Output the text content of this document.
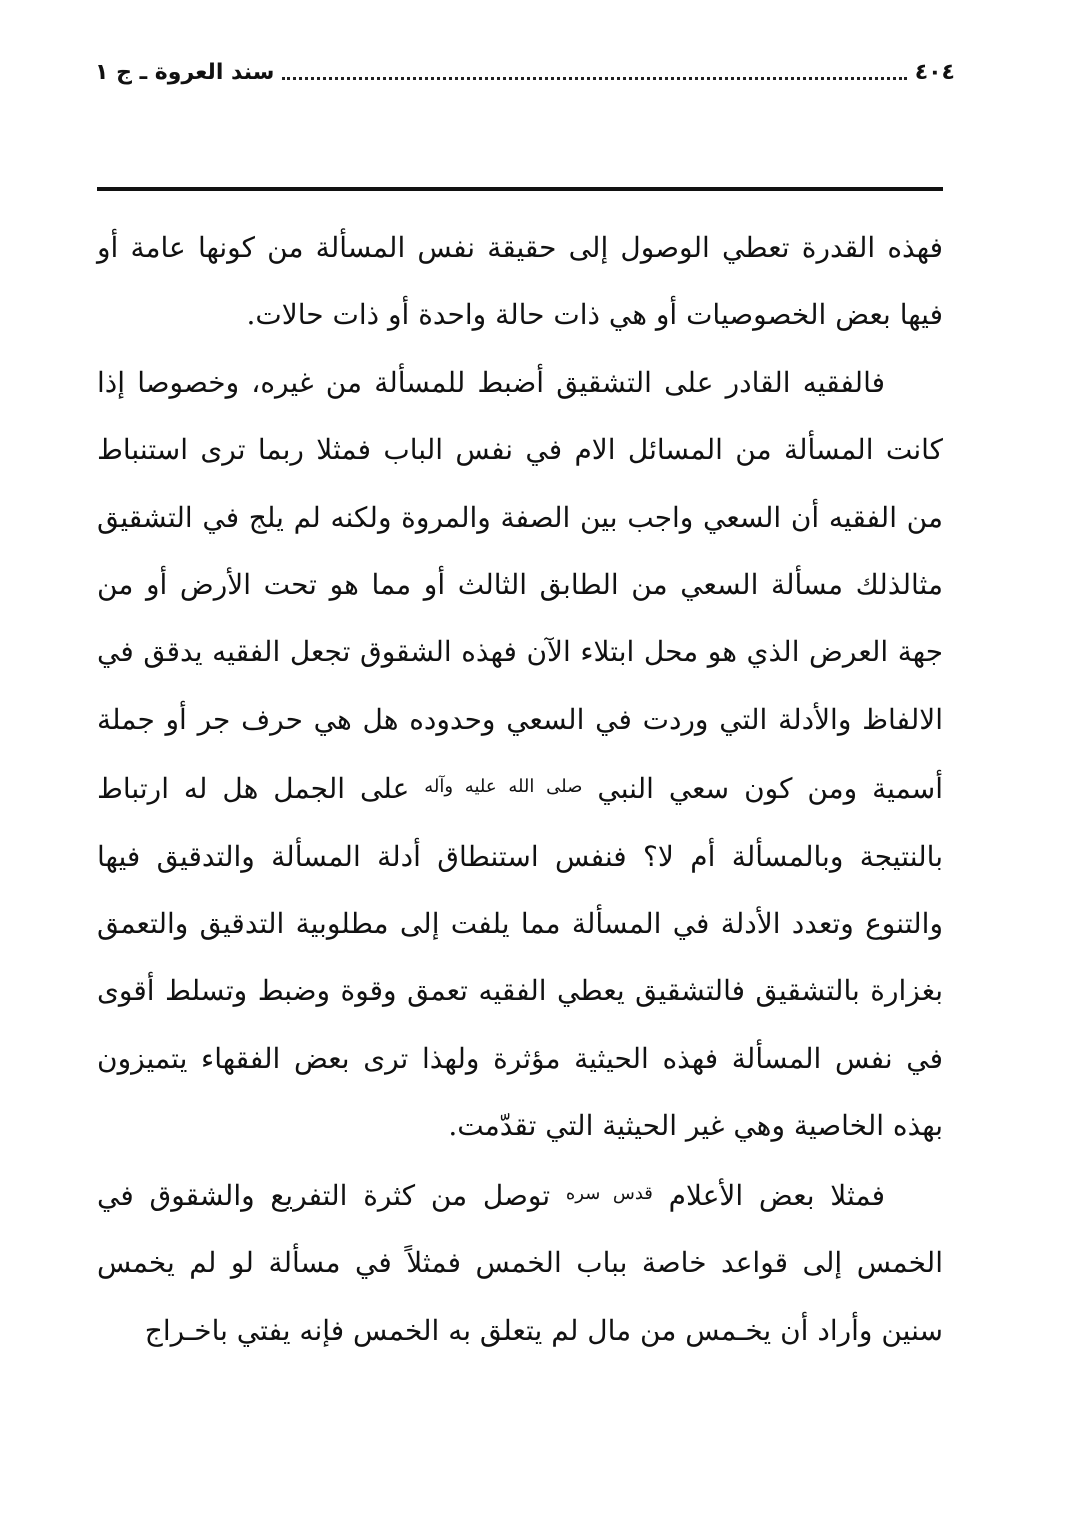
سند العروة ـ ج ١	٤٠٤

فهذه القدرة تعطي الوصول إلى حقيقة نفس المسألة من كونها عامة أو فيها بعض الخصوصيات أو هي ذات حالة واحدة أو ذات حالات.

فالفقيه القادر على التشقيق أضبط للمسألة من غيره، وخصوصا إذا كانت المسألة من المسائل الام في نفس الباب فمثلا ربما ترى استنباط من الفقيه أن السعي واجب بين الصفة والمروة ولكنه لم يلج في التشقيق مثالذلك مسألة السعي من الطابق الثالث أو مما هو تحت الأرض أو من جهة العرض الذي هو محل ابتلاء الآن فهذه الشقوق تجعل الفقيه يدقق في الالفاظ والأدلة التي وردت في السعي وحدوده هل هي حرف جر أو جملة أسمية ومن كون سعي النبي $^{صلى الله عليه وآله}$ على الجمل هل له ارتباط بالنتيجة وبالمسألة أم لا؟ فنفس استنطاق أدلة المسألة والتدقيق فيها والتنوع وتعدد الأدلة في المسألة مما يلفت إلى مطلوبية التدقيق والتعمق بغزارة بالتشقيق فالتشقيق يعطي الفقيه تعمق وقوة وضبط وتسلط أقوى في نفس المسألة فهذه الحيثية مؤثرة ولهذا ترى بعض الفقهاء يتميزون بهذه الخاصية وهي غير الحيثية التي تقدّمت.

فمثلا بعض الأعلام $^{قدس سره}$ توصل من كثرة التفريع والشقوق في الخمس إلى قواعد خاصة بباب الخمس فمثلاً في مسألة لو لم يخمس سنين وأراد أن يخـمس من مال لم يتعلق به الخمس فإنه يفتي باخـراج
